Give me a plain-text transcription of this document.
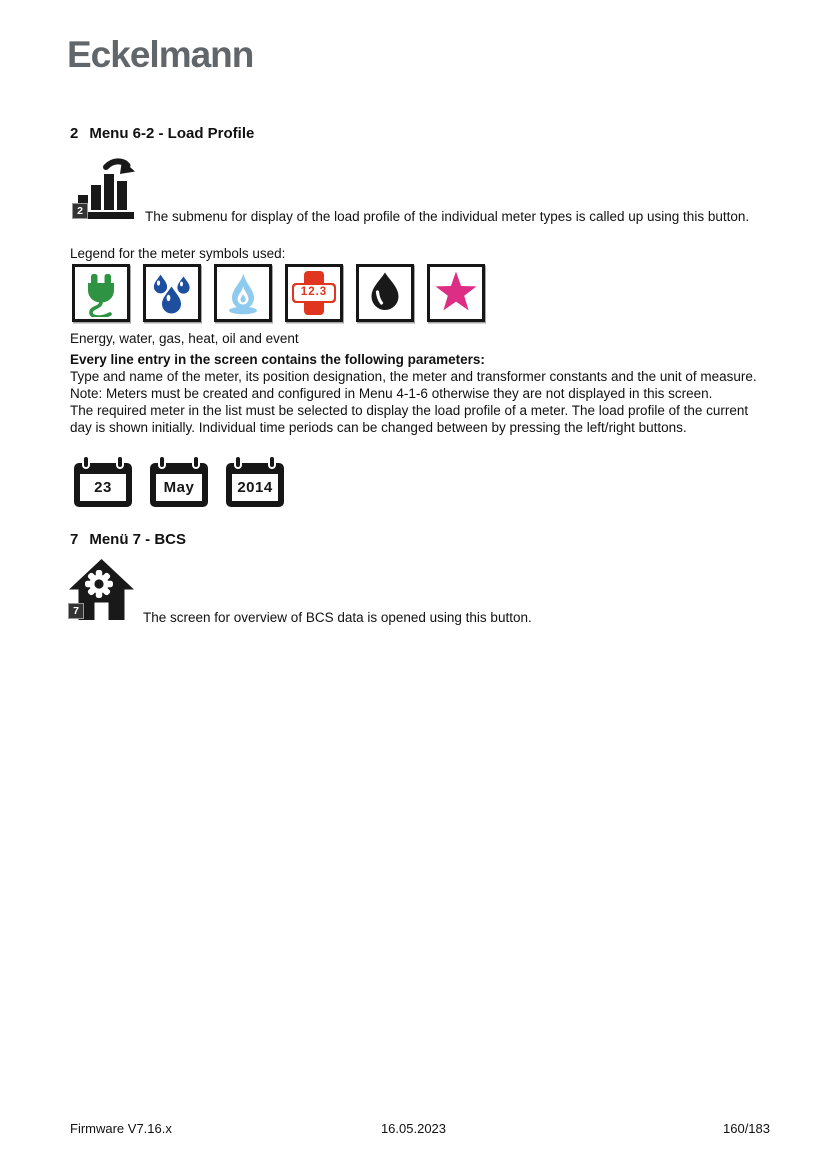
Eckelmann
2 Menu 6-2 - Load Profile
2	The submenu for display of the load profile of the individual meter types is called up using this button.
Legend for the meter symbols used:
12.3
Energy, water, gas, heat, oil and event
Every line entry in the screen contains the following parameters:
Type and name of the meter, its position designation, the meter and transformer constants and the unit of measure. Note: Meters must be created and configured in Menu 4-1-6 otherwise they are not displayed in this screen.
The required meter in the list must be selected to display the load profile of a meter. The load profile of the current day is shown initially. Individual time periods can be changed between by pressing the left/right buttons.
23	May	2014
7 Menü 7 - BCS
7	The screen for overview of BCS data is opened using this button.
Firmware V7.16.x	16.05.2023	160/183
